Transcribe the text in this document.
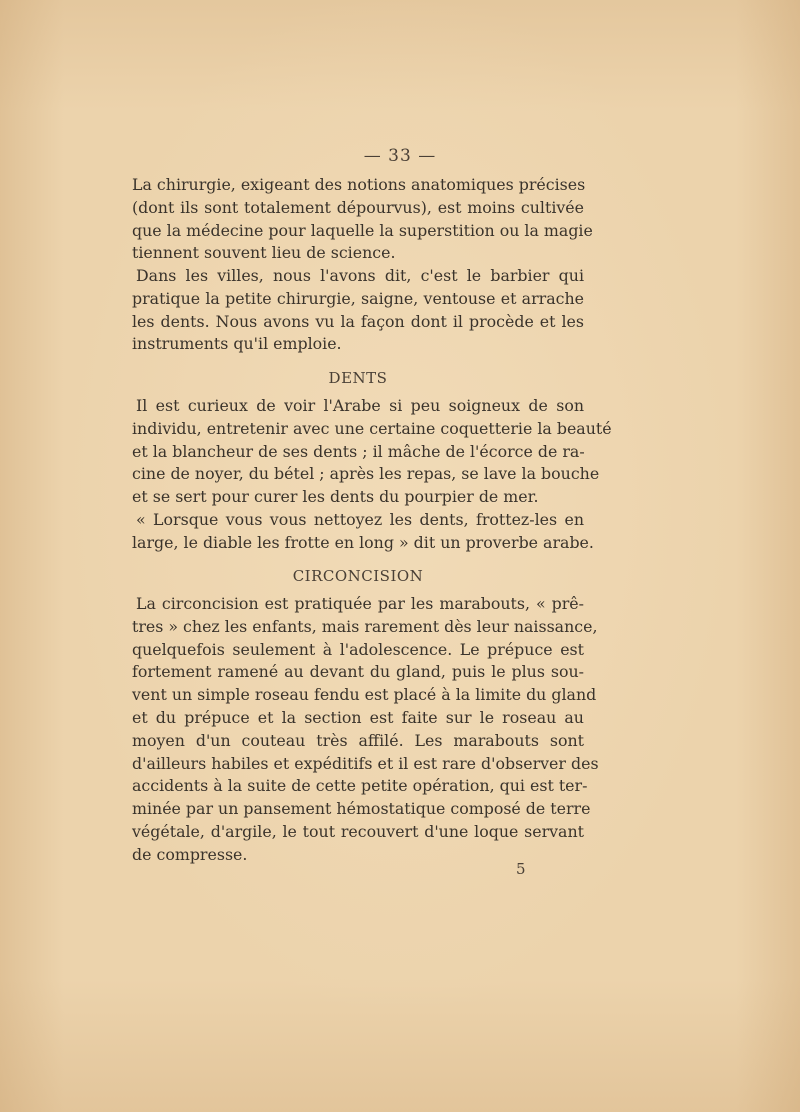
— 33 —
La chirurgie, exigeant des notions anatomiques précises
(dont ils sont totalement dépourvus), est moins cultivée
que la médecine pour laquelle la superstition ou la magie
tiennent souvent lieu de science.
Dans les villes, nous l'avons dit, c'est le barbier qui
pratique la petite chirurgie, saigne, ventouse et arrache
les dents. Nous avons vu la façon dont il procède et les
instruments qu'il emploie.
DENTS
Il est curieux de voir l'Arabe si peu soigneux de son
individu, entretenir avec une certaine coquetterie la beauté
et la blancheur de ses dents ; il mâche de l'écorce de ra-
cine de noyer, du bétel ; après les repas, se lave la bouche
et se sert pour curer les dents du pourpier de mer.
« Lorsque vous vous nettoyez les dents, frottez-les en
large, le diable les frotte en long » dit un proverbe arabe.
CIRCONCISION
La circoncision est pratiquée par les marabouts, « prê-
tres » chez les enfants, mais rarement dès leur naissance,
quelquefois seulement à l'adolescence. Le prépuce est
fortement ramené au devant du gland, puis le plus sou-
vent un simple roseau fendu est placé à la limite du gland
et du prépuce et la section est faite sur le roseau au
moyen d'un couteau très affilé. Les marabouts sont
d'ailleurs habiles et expéditifs et il est rare d'observer des
accidents à la suite de cette petite opération, qui est ter-
minée par un pansement hémostatique composé de terre
végétale, d'argile, le tout recouvert d'une loque servant
de compresse.
5
